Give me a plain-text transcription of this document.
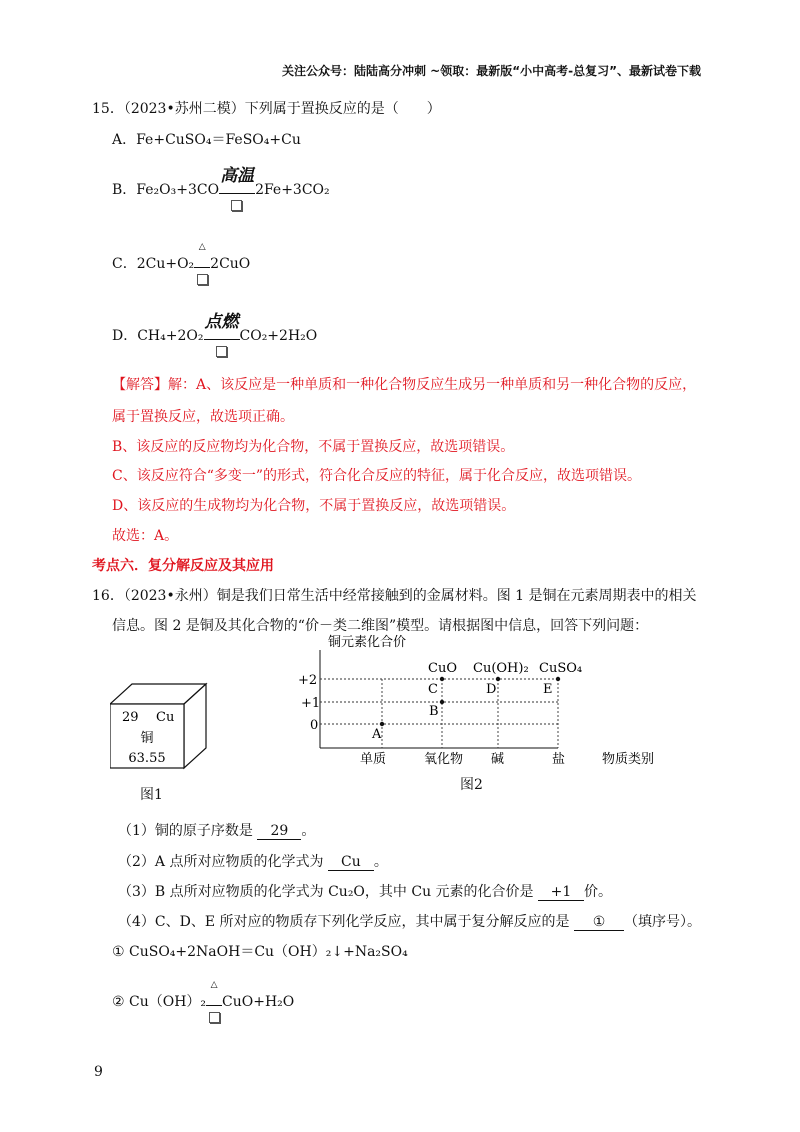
关注公众号：陆陆高分冲刺 ~领取：最新版“小中高考-总复习”、最新试卷下载
15．（2023•苏州二模）下列属于置换反应的是（　　）
A．Fe+CuSO₄＝FeSO₄+Cu
B．Fe₂O₃+3CO
高温
2Fe+3CO₂
C．2Cu+O₂
△
2CuO
D．CH₄+2O₂
点燃
CO₂+2H₂O
【解答】解：A、该反应是一种单质和一种化合物反应生成另一种单质和另一种化合物的反应，
属于置换反应，故选项正确。
B、该反应的反应物均为化合物，不属于置换反应，故选项错误。
C、该反应符合“多变一”的形式，符合化合反应的特征，属于化合反应，故选项错误。
D、该反应的生成物均为化合物，不属于置换反应，故选项错误。
故选：A。
考点六．复分解反应及其应用
16．（2023•永州）铜是我们日常生活中经常接触到的金属材料。图 1 是铜在元素周期表中的相关
信息。图 2 是铜及其化合物的“价－类二维图”模型。请根据图中信息，回答下列问题：
29 Cu
铜
63.55
图1
铜元素化合价
物质类别
+2
+1
0
单质	氧化物 碱	盐
A
B
C	D	E
CuO Cu(OH)₂ CuSO₄
图2
（1）铜的原子序数是 29 。
（2）A 点所对应物质的化学式为 Cu 。
（3）B 点所对应物质的化学式为 Cu₂O，其中 Cu 元素的化合价是 +1 价。
（4）C、D、E 所对应的物质存下列化学反应，其中属于复分解反应的是 ① （填序号）。
① CuSO₄+2NaOH＝Cu（OH）₂↓+Na₂SO₄
② Cu（OH）₂
△
CuO+H₂O
9
